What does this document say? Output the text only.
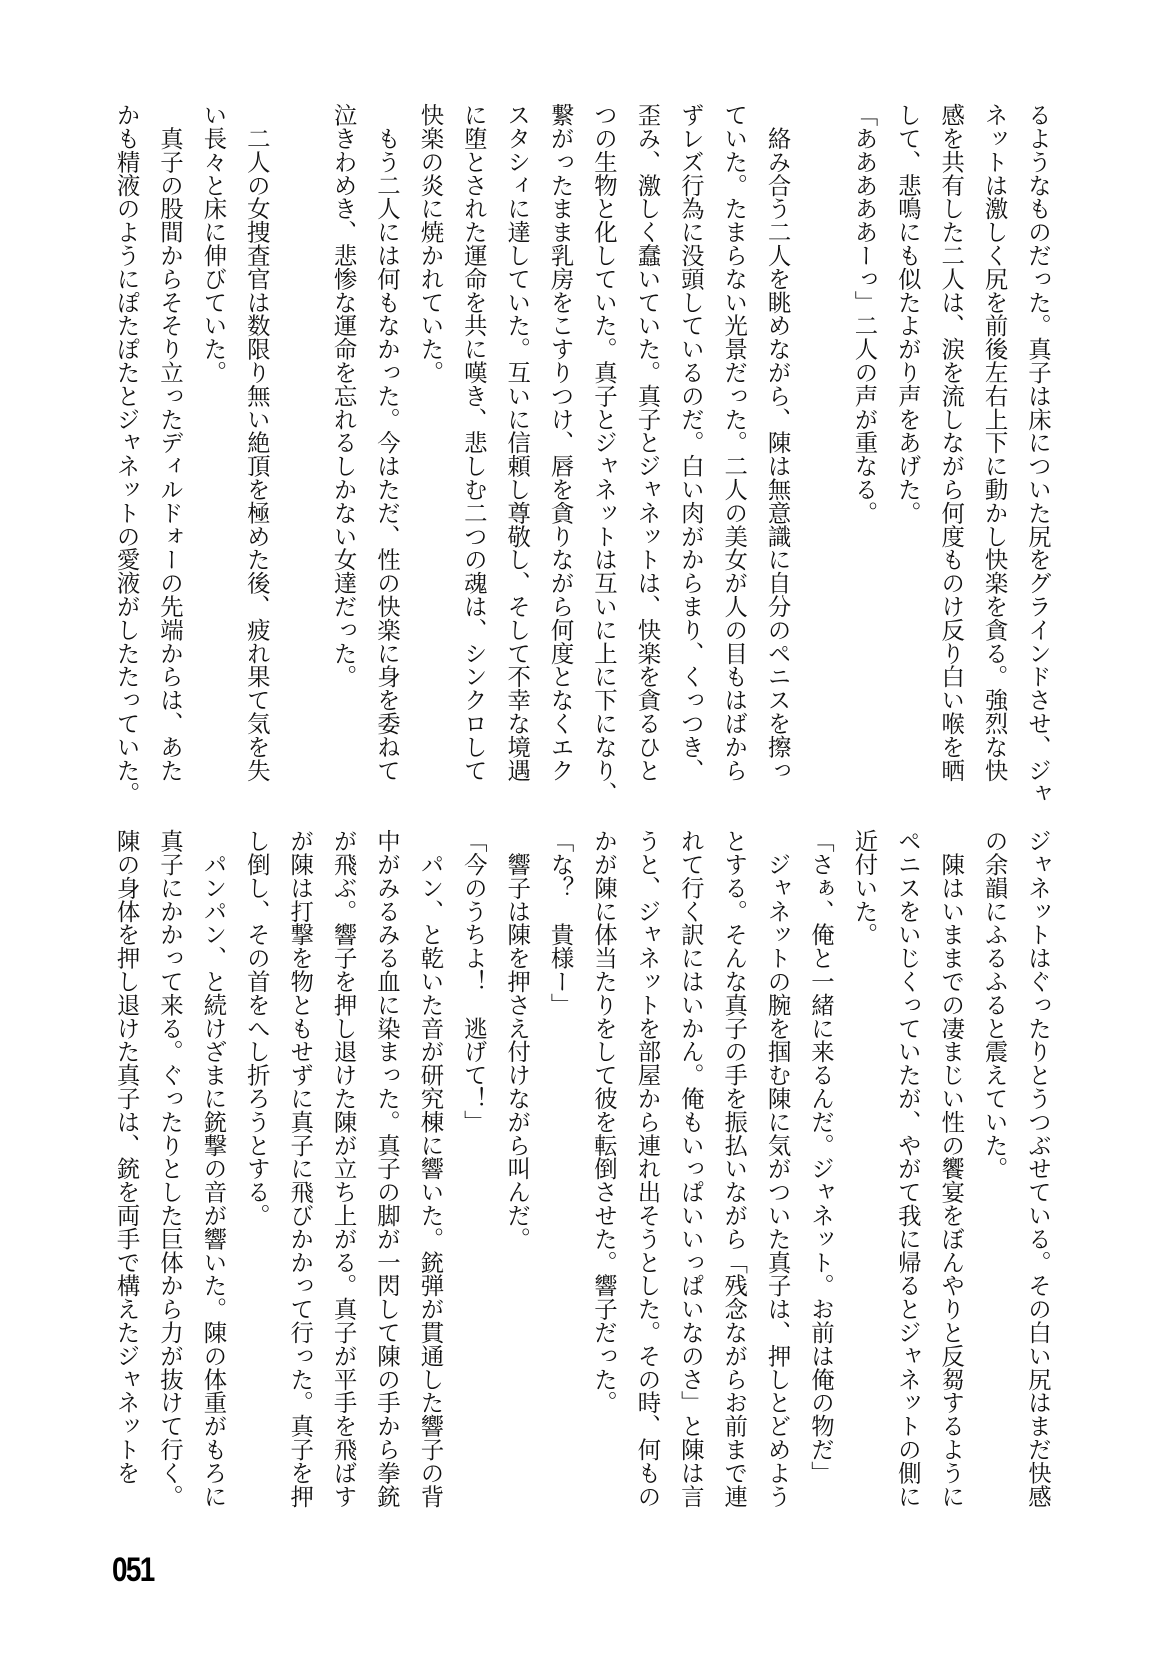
るようなものだった。真子は床についた尻をグラインドさせ、ジャ
ネットは激しく尻を前後左右上下に動かし快楽を貪る。強烈な快
感を共有した二人は、涙を流しながら何度ものけ反り白い喉を晒
して、悲鳴にも似たよがり声をあげた。
「あああああーっ」二人の声が重なる。
　絡み合う二人を眺めながら、陳は無意識に自分のペニスを擦っ
ていた。たまらない光景だった。二人の美女が人の目もはばから
ずレズ行為に没頭しているのだ。白い肉がからまり、くっつき、
歪み、激しく蠢いていた。真子とジャネットは、快楽を貪るひと
つの生物と化していた。真子とジャネットは互いに上に下になり、
繋がったまま乳房をこすりつけ、唇を貪りながら何度となくエク
スタシィに達していた。互いに信頼し尊敬し、そして不幸な境遇
に堕とされた運命を共に嘆き、悲しむ二つの魂は、シンクロして
快楽の炎に焼かれていた。
　もう二人には何もなかった。今はただ、性の快楽に身を委ねて
泣きわめき、悲惨な運命を忘れるしかない女達だった。
　二人の女捜査官は数限り無い絶頂を極めた後、疲れ果て気を失
い長々と床に伸びていた。
　真子の股間からそそり立ったディルドォーの先端からは、あた
かも精液のようにぽたぽたとジャネットの愛液がしたたっていた。
ジャネットはぐったりとうつぶせている。その白い尻はまだ快感
の余韻にふるふると震えていた。
　陳はいままでの凄まじい性の饗宴をぼんやりと反芻するように
ペニスをいじくっていたが、やがて我に帰るとジャネットの側に
近付いた。
「さぁ、俺と一緒に来るんだ。ジャネット。お前は俺の物だ」
　ジャネットの腕を掴む陳に気がついた真子は、押しとどめよう
とする。そんな真子の手を振払いながら「残念ながらお前まで連
れて行く訳にはいかん。俺もいっぱいいっぱいなのさ」と陳は言
うと、ジャネットを部屋から連れ出そうとした。その時、何もの
かが陳に体当たりをして彼を転倒させた。響子だった。
「な？　貴様ー」
　響子は陳を押さえ付けながら叫んだ。
「今のうちよ！　逃げて！」
　パン、と乾いた音が研究棟に響いた。銃弾が貫通した響子の背
中がみるみる血に染まった。真子の脚が一閃して陳の手から拳銃
が飛ぶ。響子を押し退けた陳が立ち上がる。真子が平手を飛ばす
が陳は打撃を物ともせずに真子に飛びかかって行った。真子を押
し倒し、その首をへし折ろうとする。
　パンパン、と続けざまに銃撃の音が響いた。陳の体重がもろに
真子にかかって来る。ぐったりとした巨体から力が抜けて行く。
陳の身体を押し退けた真子は、銃を両手で構えたジャネットを
051
